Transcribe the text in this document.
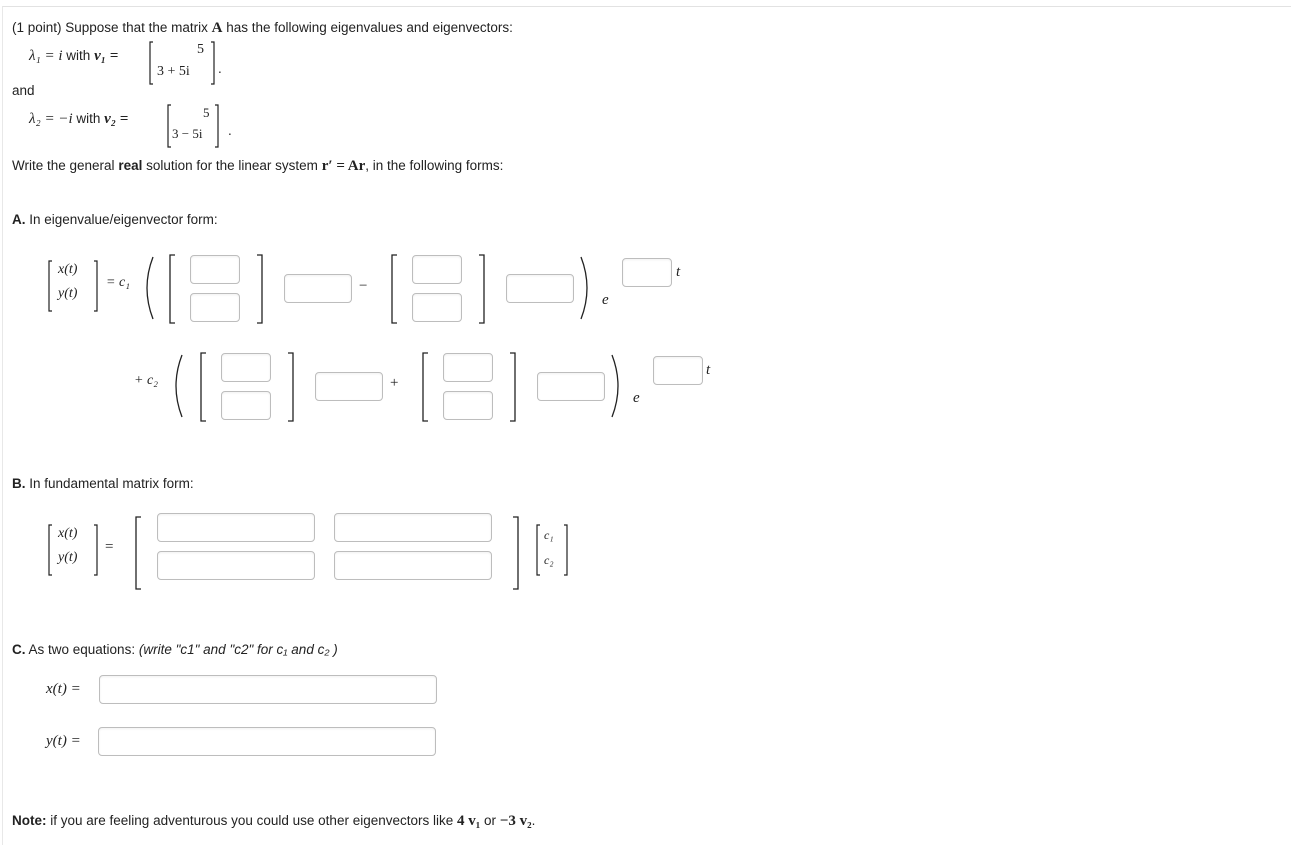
(1 point) Suppose that the matrix A has the following eigenvalues and eigenvectors:
λ₁ = i with v₁ =	5
3 + 5i .
and
λ₂ = −i with v₂ =	5
3 − 5i .
Write the general real solution for the linear system r′ = Ar, in the following forms:
A. In eigenvalue/eigenvector form:
x(t)
y(t)
= c₁	−
e
t
+ c₂	+
e
t
B. In fundamental matrix form:
x(t)
y(t)
=
c₁
c₂
C. As two equations: (write "c1" and "c2" for c₁ and c₂ )
x(t) =
y(t) =
Note: if you are feeling adventurous you could use other eigenvectors like 4 v₁ or −3 v₂.
